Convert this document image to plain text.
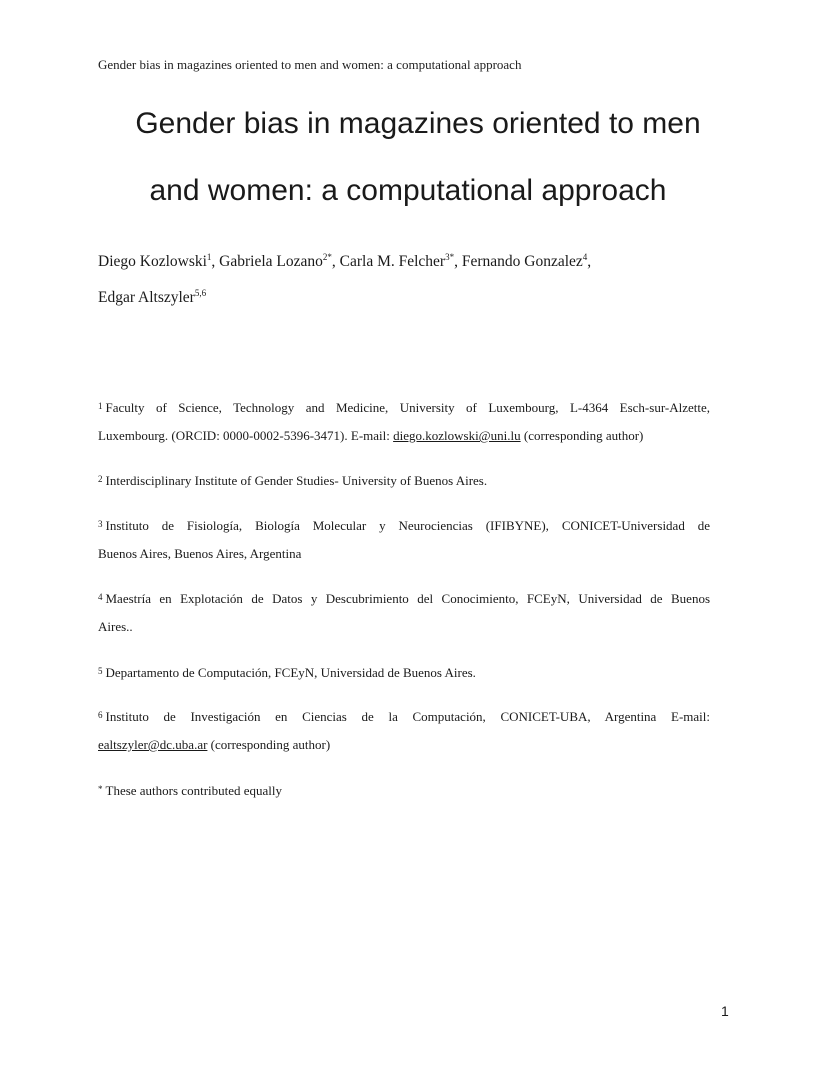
Gender bias in magazines oriented to men and women: a computational approach
Gender bias in magazines oriented to men
and women: a computational approach
Diego Kozlowski$^1$, Gabriela Lozano$^{2*}$, Carla M. Felcher$^{3*}$, Fernando Gonzalez$^4$,
Edgar Altszyler$^{5,6}$
$^1$ Faculty of Science, Technology and Medicine, University of Luxembourg, L-4364 Esch-sur-Alzette,
Luxembourg. (ORCID: 0000-0002-5396-3471). E-mail: diego.kozlowski@uni.lu (corresponding author)
$^2$ Interdisciplinary Institute of Gender Studies- University of Buenos Aires.
$^3$ Instituto de Fisiología, Biología Molecular y Neurociencias (IFIBYNE), CONICET-Universidad de
Buenos Aires, Buenos Aires, Argentina
$^4$ Maestría en Explotación de Datos y Descubrimiento del Conocimiento, FCEyN, Universidad de Buenos
Aires..
$^5$ Departamento de Computación, FCEyN, Universidad de Buenos Aires.
$^6$ Instituto de Investigación en Ciencias de la Computación, CONICET-UBA, Argentina E-mail:
ealtszyler@dc.uba.ar (corresponding author)
* These authors contributed equally
1
